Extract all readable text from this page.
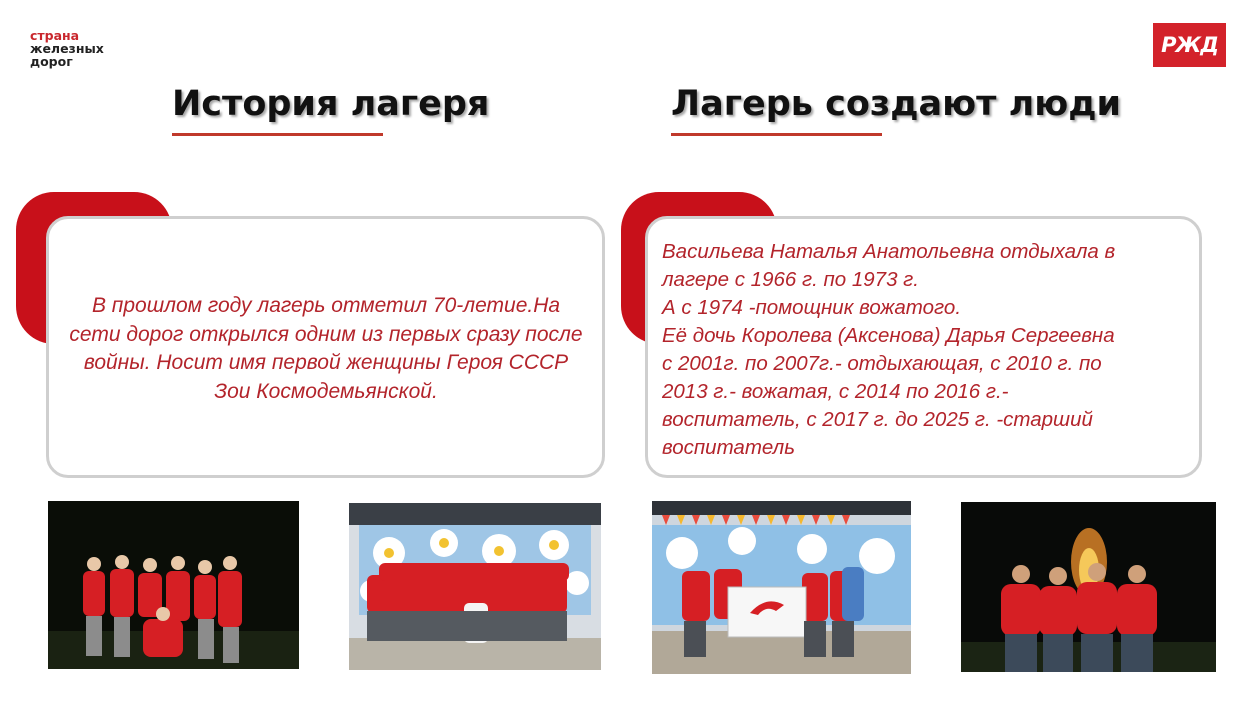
страна
железных
дорог
РЖД
История лагеря	Лагерь создают люди
В прошлом году лагерь отметил 70-летие.На сети дорог открылся одним из первых сразу после войны. Носит имя первой женщины Героя СССР Зои Космодемьянской.
Васильева Наталья Анатольевна отдыхала в
лагере с 1966 г. по 1973 г.
А с 1974 -помощник вожатого.
Её дочь Королева (Аксенова) Дарья Сергеевна
с 2001г. по 2007г.- отдыхающая, с 2010 г. по
2013 г.- вожатая, с 2014 по 2016 г.-
воспитатель, с 2017 г. до 2025 г. -старший
воспитатель
